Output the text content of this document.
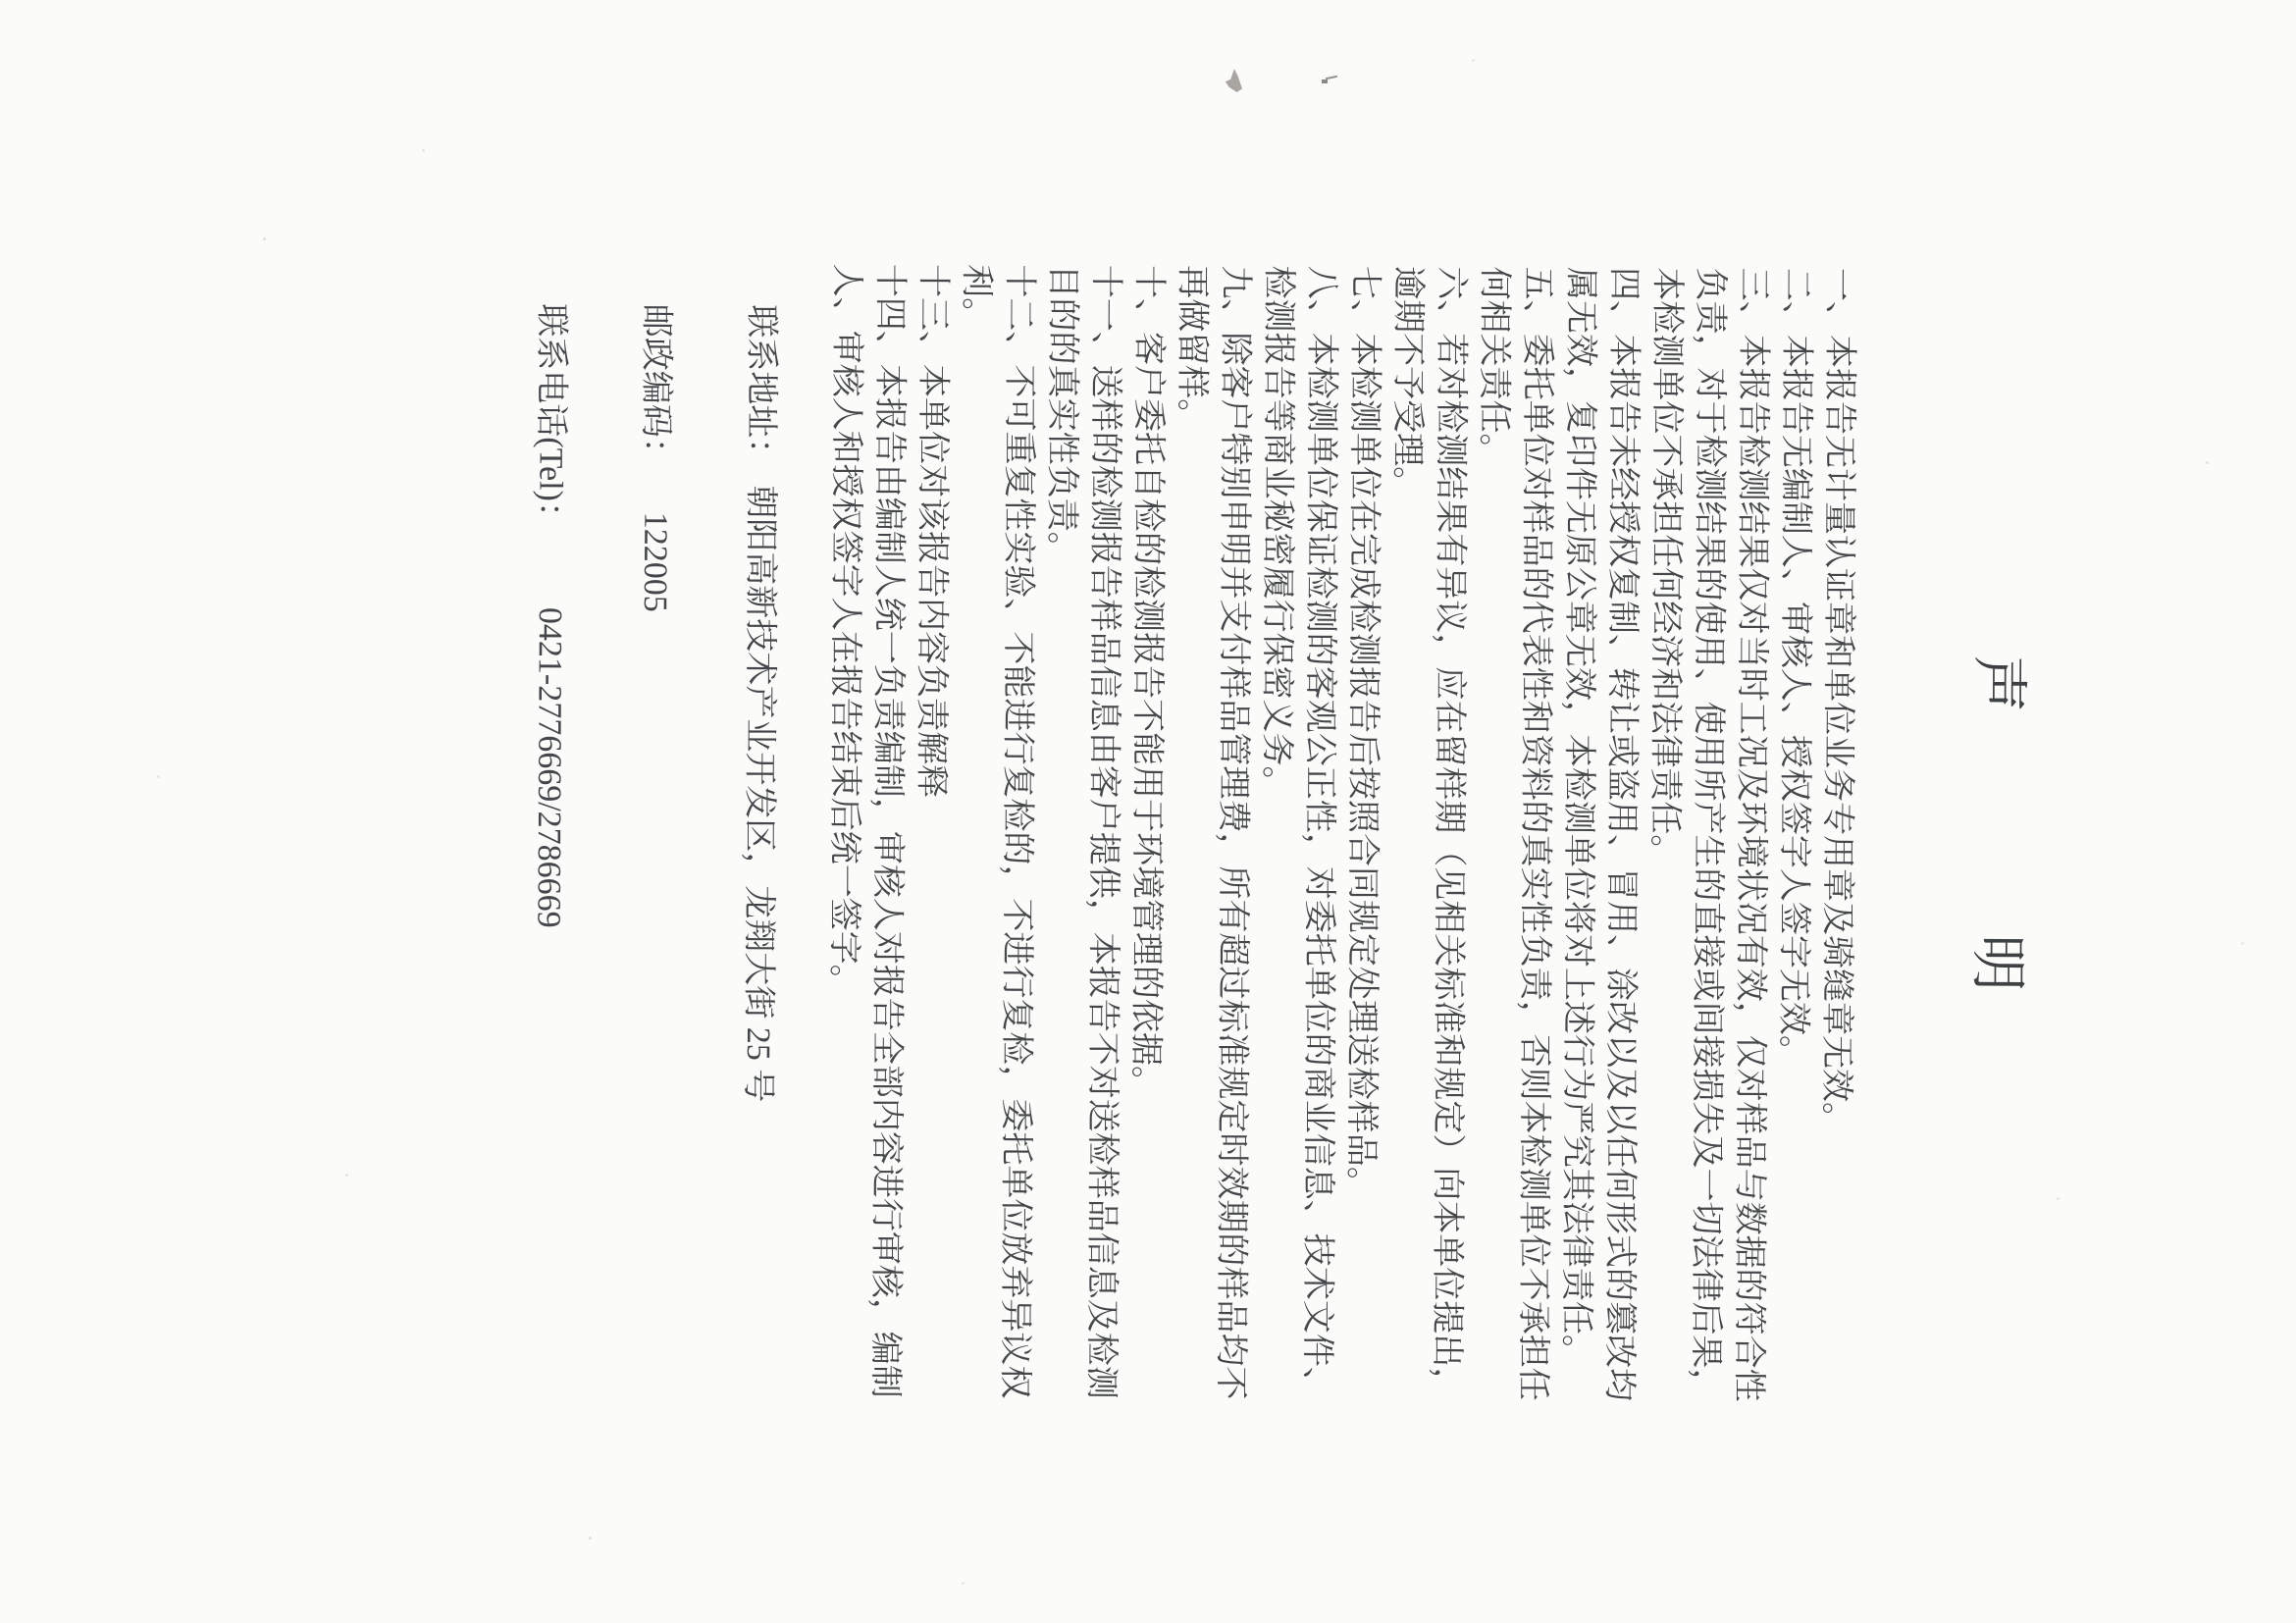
声 明

一、本报告无计量认证章和单位业务专用章及骑缝章无效。

二、本报告无编制人、审核人、授权签字人签字无效。

三、本报告检测结果仅对当时工况及环境状况有效，仅对样品与数据的符合性负责，对于检测结果的使用、使用所产生的直接或间接损失及一切法律后果，本检测单位不承担任何经济和法律责任。

四、本报告未经授权复制、转让或盗用、冒用、涂改以及以任何形式的篡改均属无效，复印件无原公章无效，本检测单位将对上述行为严究其法律责任。

五、委托单位对样品的代表性和资料的真实性负责，否则本检测单位不承担任何相关责任。

六、若对检测结果有异议，应在留样期（见相关标准和规定）向本单位提出，逾期不予受理。

七、本检测单位在完成检测报告后按照合同规定处理送检样品。

八、本检测单位保证检测的客观公正性，对委托单位的商业信息、技术文件、检测报告等商业秘密履行保密义务。

九、除客户特别申明并支付样品管理费，所有超过标准规定时效期的样品均不再做留样。

十、客户委托自检的检测报告不能用于环境管理的依据。

十一、送样的检测报告样品信息由客户提供，本报告不对送检样品信息及检测目的的真实性负责。

十二、不可重复性实验、不能进行复检的，不进行复检，委托单位放弃异议权利。

十三、本单位对该报告内容负责解释

十四、本报告由编制人统一负责编制，审核人对报告全部内容进行审核，编制人、审核人和授权签字人在报告结束后统一签字。

联系地址：朝阳高新技术产业开发区，龙翔大街 25 号
邮政编码：122005
联系电话(Tel)：0421-2776669/2786669
